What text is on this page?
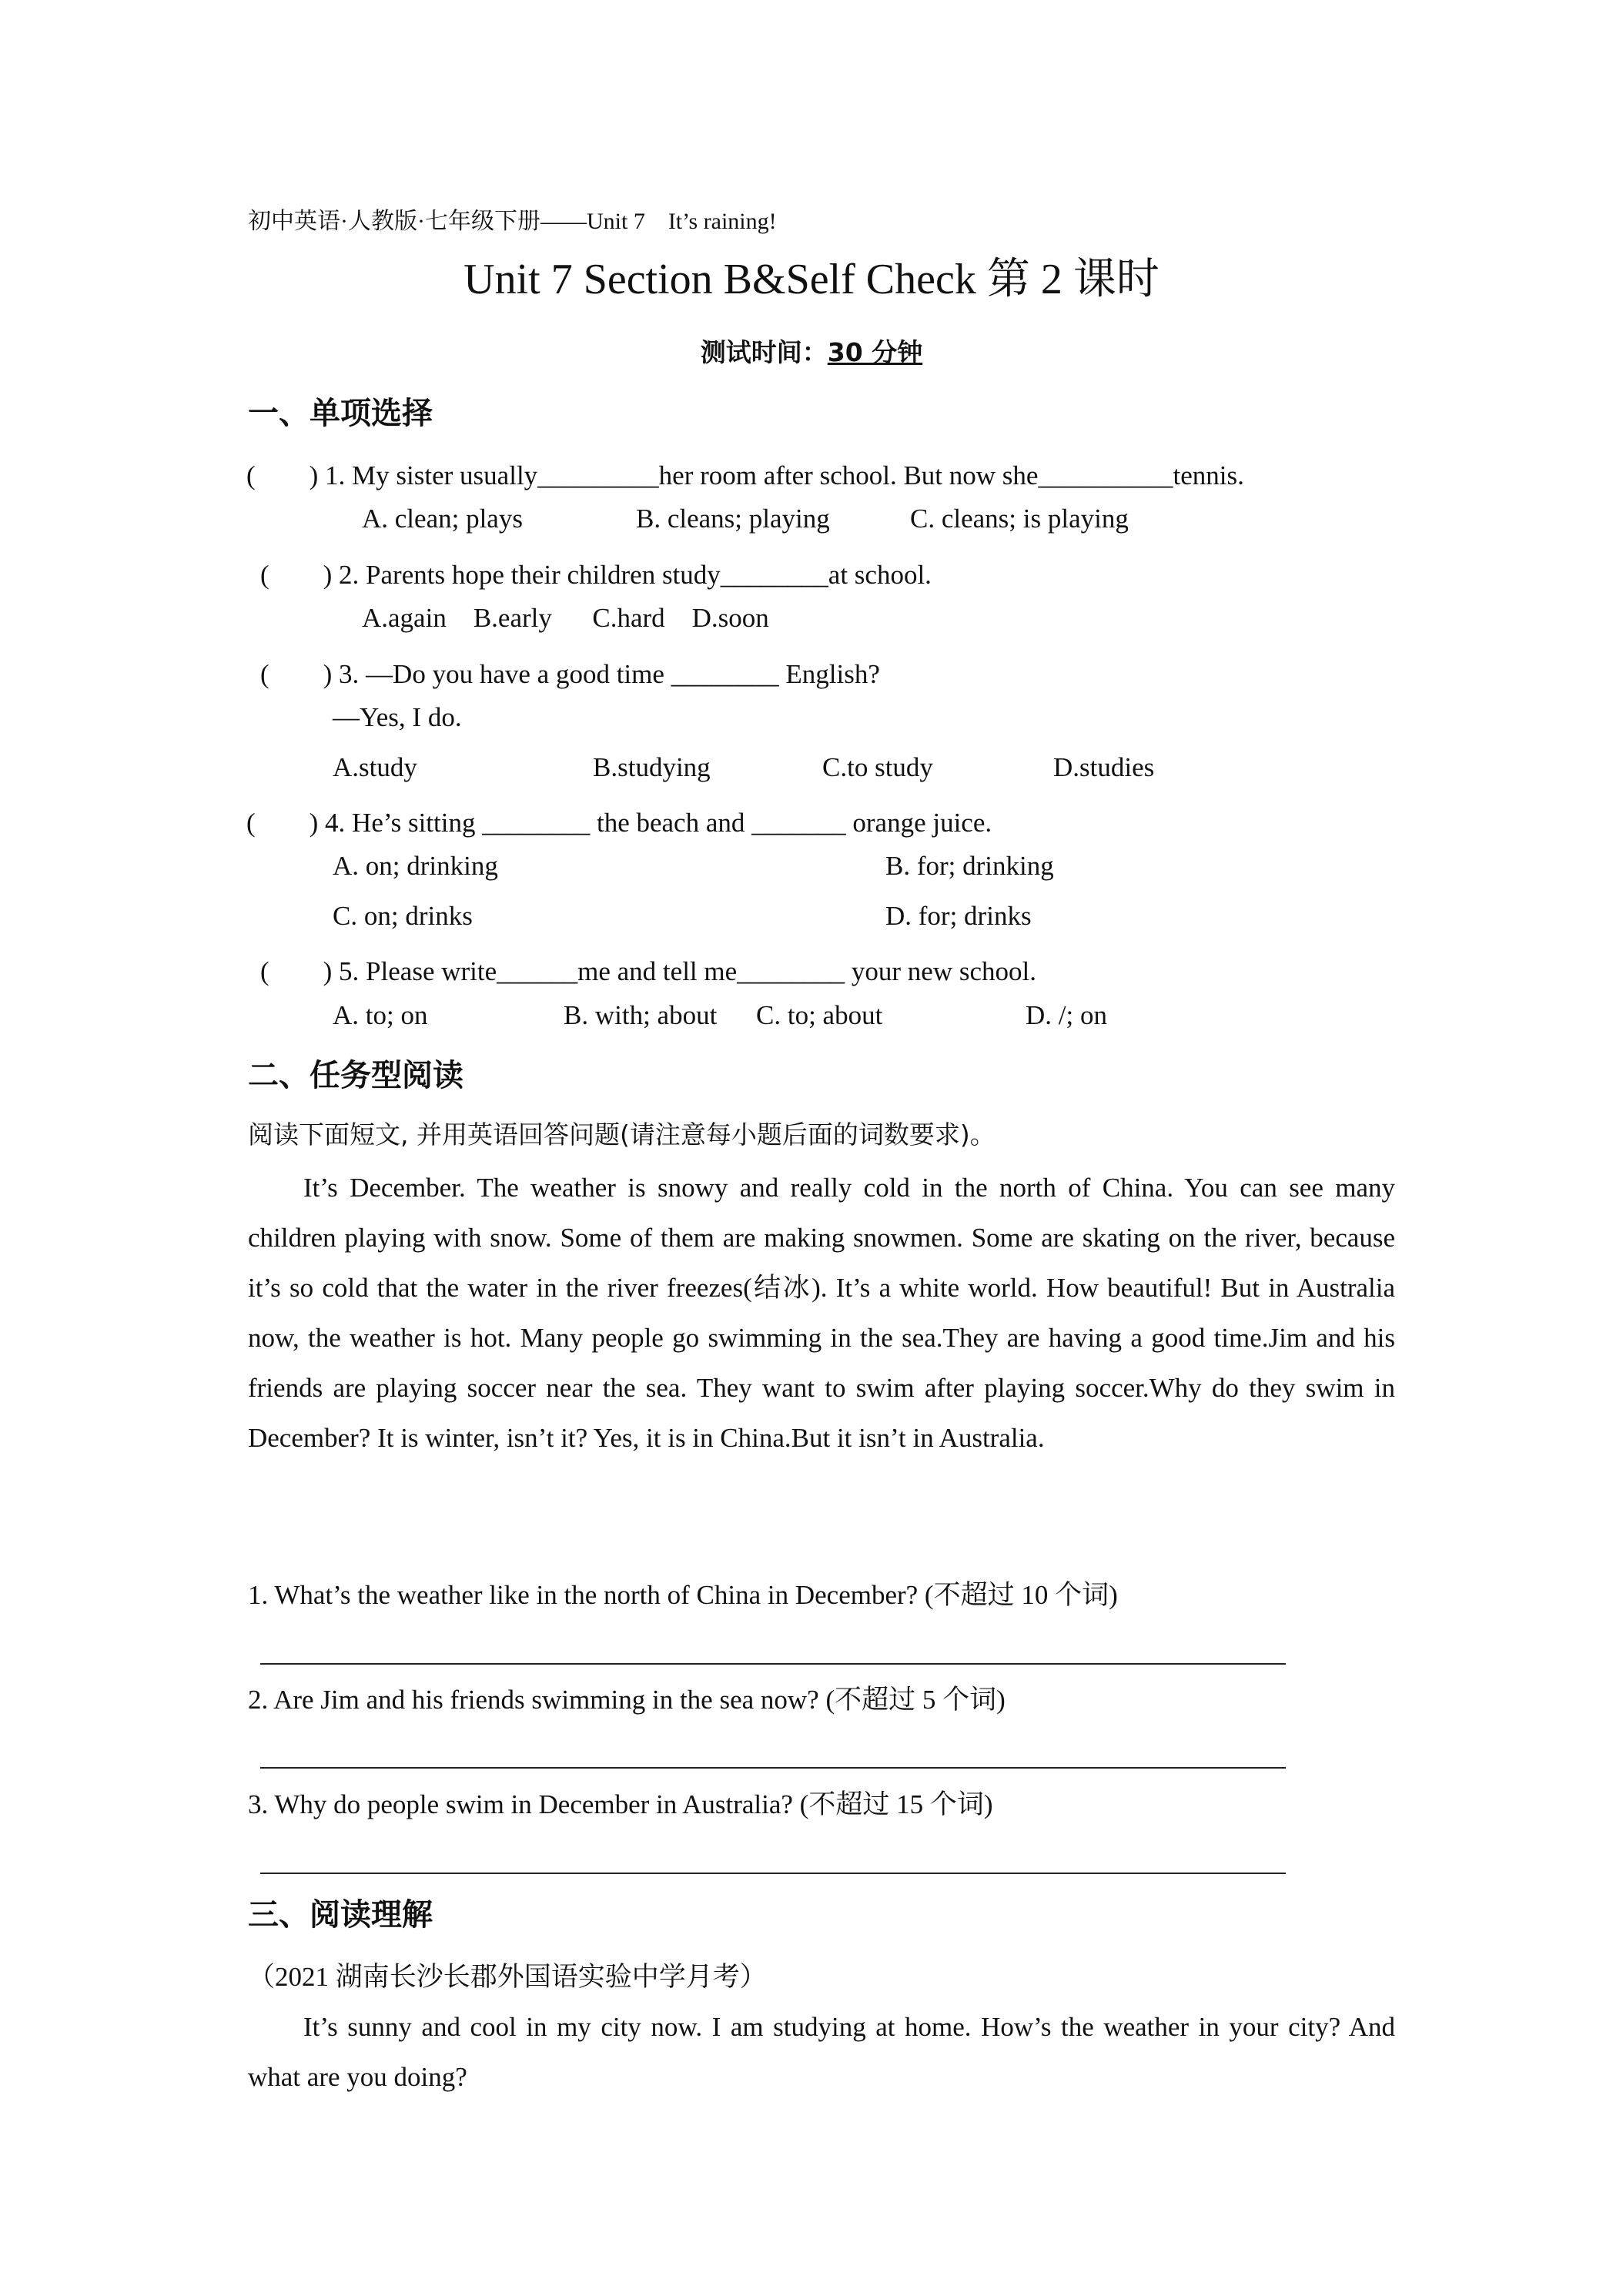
初中英语·人教版·七年级下册——Unit 7　It’s raining!
Unit 7 Section B&Self Check 第 2 课时
测试时间：30 分钟
一、单项选择
(　　) 1. My sister usually_________her room after school. But now she__________tennis.
A. clean; plays	B. cleans; playing	C. cleans; is playing
(　　) 2. Parents hope their children study________at school.
A.again    B.early      C.hard    D.soon
(　　) 3. —Do you have a good time ________ English?
—Yes, I do.
A.study	B.studying	C.to study	D.studies
(　　) 4. He’s sitting ________ the beach and _______ orange juice.
A. on; drinking	B. for; drinking
C. on; drinks	D. for; drinks
(　　) 5. Please write______me and tell me________ your new school.
A. to; on	B. with; about C. to; about	D. /; on
二、任务型阅读
阅读下面短文, 并用英语回答问题(请注意每小题后面的词数要求)。
It’s December. The weather is snowy and really cold in the north of China. You can see many children playing with snow. Some of them are making snowmen. Some are skating on the river, because it’s so cold that the water in the river freezes(结冰). It’s a white world. How beautiful! But in Australia now, the weather is hot. Many people go swimming in the sea.They are having a good time.Jim and his friends are playing soccer near the sea. They want to swim after playing soccer.Why do they swim in December? It is winter, isn’t it? Yes, it is in China.But it isn’t in Australia.
1. What’s the weather like in the north of China in December? (不超过 10 个词)
2. Are Jim and his friends swimming in the sea now? (不超过 5 个词)
3. Why do people swim in December in Australia? (不超过 15 个词)
三、阅读理解
（2021 湖南长沙长郡外国语实验中学月考）
It’s sunny and cool in my city now. I am studying at home. How’s the weather in your city? And what are you doing?
